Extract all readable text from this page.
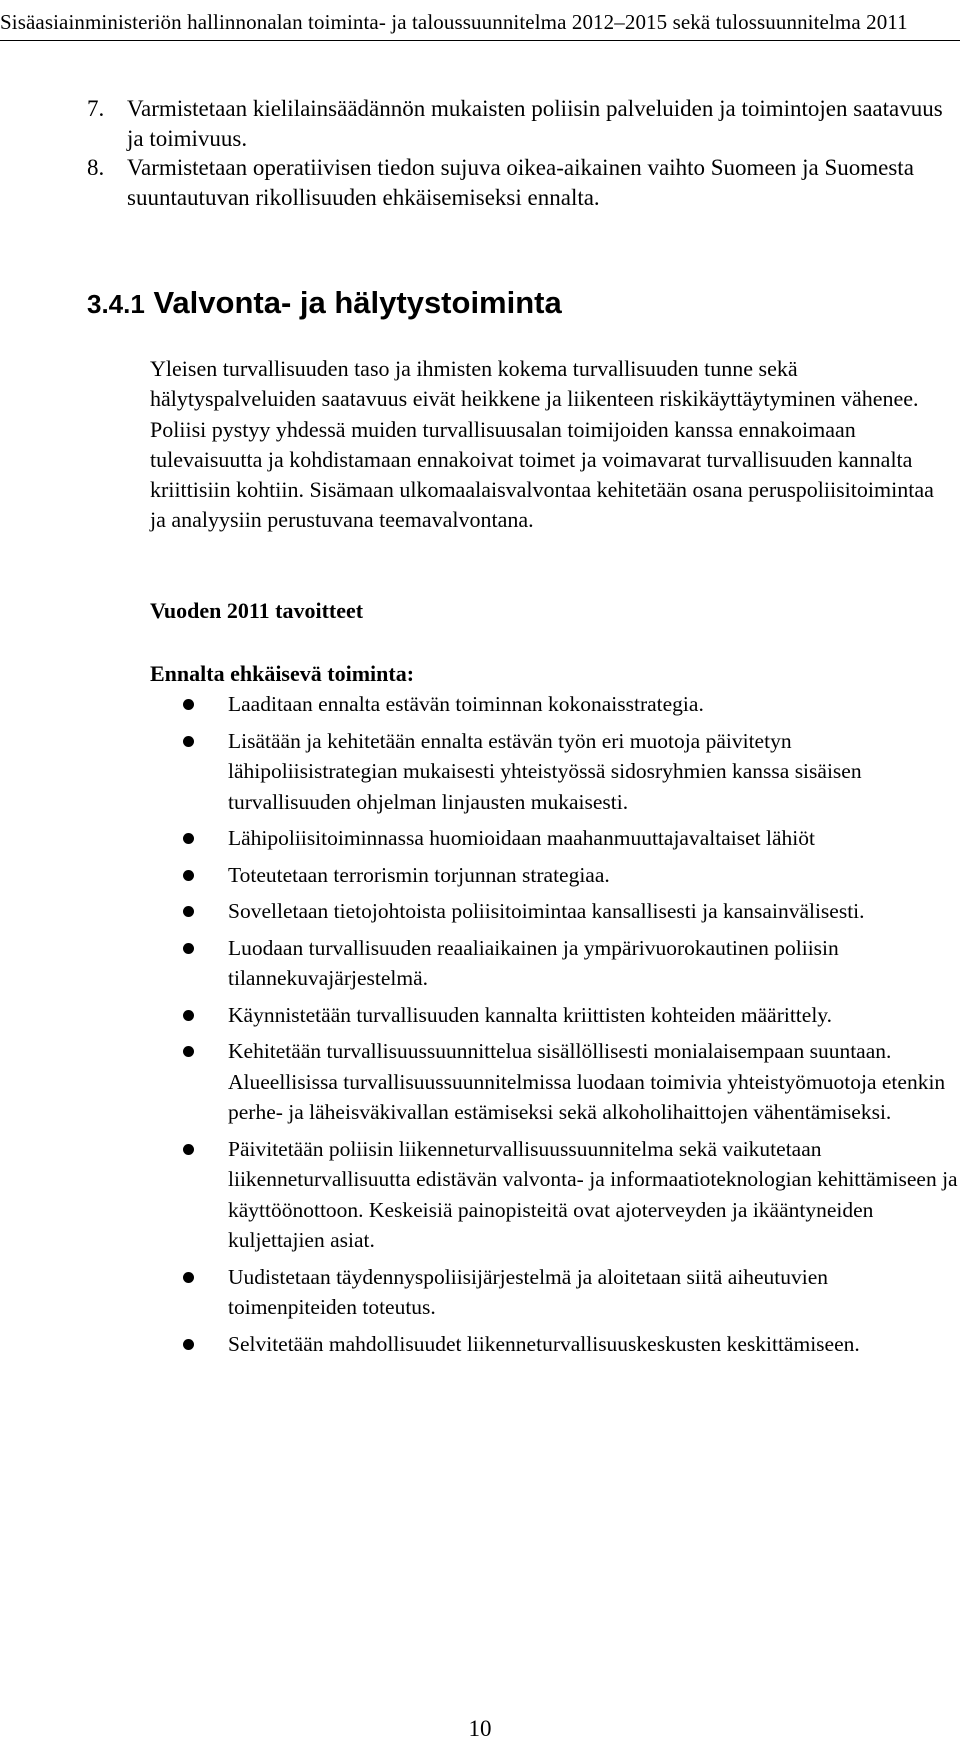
Sisäasiainministeriön hallinnonalan toiminta- ja taloussuunnitelma 2012–2015 sekä tulossuunnitelma 2011
7. Varmistetaan kielilainsäädännön mukaisten poliisin palveluiden ja toimintojen saatavuus ja toimivuus.
8. Varmistetaan operatiivisen tiedon sujuva oikea-aikainen vaihto Suomeen ja Suomesta suuntautuvan rikollisuuden ehkäisemiseksi ennalta.
3.4.1 Valvonta- ja hälytystoiminta

Yleisen turvallisuuden taso ja ihmisten kokema turvallisuuden tunne sekä hälytyspalveluiden saatavuus eivät heikkene ja liikenteen riskikäyttäytyminen vähenee. Poliisi pystyy yhdessä muiden turvallisuusalan toimijoiden kanssa ennakoimaan tulevaisuutta ja kohdistamaan ennakoivat toimet ja voimavarat turvallisuuden kannalta kriittisiin kohtiin. Sisämaan ulkomaalaisvalvontaa kehitetään osana peruspoliisitoimintaa ja analyysiin perustuvana teemavalvontana.

Vuoden 2011 tavoitteet
Ennalta ehkäisevä toiminta:
Laaditaan ennalta estävän toiminnan kokonaisstrategia.
Lisätään ja kehitetään ennalta estävän työn eri muotoja päivitetyn lähipoliisistrategian mukaisesti yhteistyössä sidosryhmien kanssa sisäisen turvallisuuden ohjelman linjausten mukaisesti.
Lähipoliisitoiminnassa huomioidaan maahanmuuttajavaltaiset lähiöt
Toteutetaan terrorismin torjunnan strategiaa.
Sovelletaan tietojohtoista poliisitoimintaa kansallisesti ja kansainvälisesti.
Luodaan turvallisuuden reaaliaikainen ja ympärivuorokautinen poliisin tilannekuvajärjestelmä.
Käynnistetään turvallisuuden kannalta kriittisten kohteiden määrittely.
Kehitetään turvallisuussuunnittelua sisällöllisesti monialaisempaan suuntaan. Alueellisissa turvallisuussuunnitelmissa luodaan toimivia yhteistyömuotoja etenkin perhe- ja läheisväkivallan estämiseksi sekä alkoholihaittojen vähentämiseksi.
Päivitetään poliisin liikenneturvallisuussuunnitelma sekä vaikutetaan liikenneturvallisuutta edistävän valvonta- ja informaatioteknologian kehittämiseen ja käyttöönottoon. Keskeisiä painopisteitä ovat ajoterveyden ja ikääntyneiden kuljettajien asiat.
Uudistetaan täydennyspoliisijärjestelmä ja aloitetaan siitä aiheutuvien toimenpiteiden toteutus.
Selvitetään mahdollisuudet liikenneturvallisuuskeskusten keskittämiseen.
10
